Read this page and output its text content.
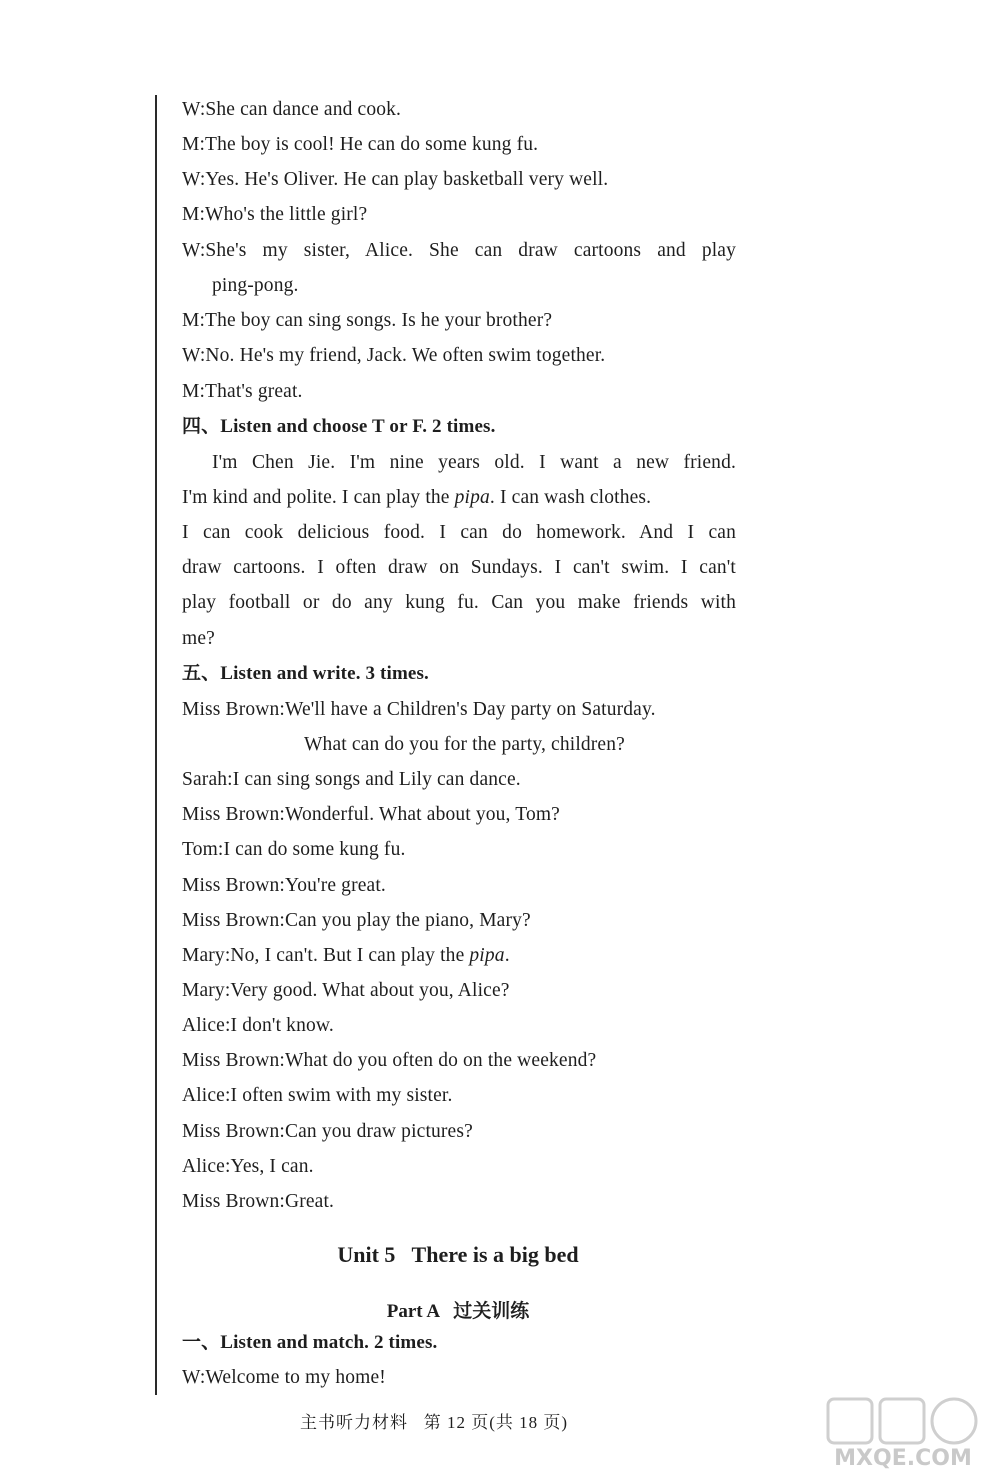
W:She can dance and cook.
M:The boy is cool! He can do some kung fu.
W:Yes. He's Oliver. He can play basketball very well.
M:Who's the little girl?
W:She's my sister, Alice. She can draw cartoons and play
ping-pong.
M:The boy can sing songs. Is he your brother?
W:No. He's my friend, Jack. We often swim together.
M:That's great.
四、Listen and choose T or F. 2 times.
I'm Chen Jie. I'm nine years old. I want a new friend.
I'm kind and polite. I can play the pipa. I can wash clothes.
I can cook delicious food. I can do homework. And I can
draw cartoons. I often draw on Sundays. I can't swim. I can't
play football or do any kung fu. Can you make friends with
me?
五、Listen and write. 3 times.
Miss Brown:We'll have a Children's Day party on Saturday.
What can do you for the party, children?
Sarah:I can sing songs and Lily can dance.
Miss Brown:Wonderful. What about you, Tom?
Tom:I can do some kung fu.
Miss Brown:You're great.
Miss Brown:Can you play the piano, Mary?
Mary:No, I can't. But I can play the pipa.
Mary:Very good. What about you, Alice?
Alice:I don't know.
Miss Brown:What do you often do on the weekend?
Alice:I often swim with my sister.
Miss Brown:Can you draw pictures?
Alice:Yes, I can.
Miss Brown:Great.
Unit 5   There is a big bed
Part A   过关训练
一、Listen and match. 2 times.
W:Welcome to my home!
主书听力材料   第 12 页(共 18 页)
MXQE.COM
